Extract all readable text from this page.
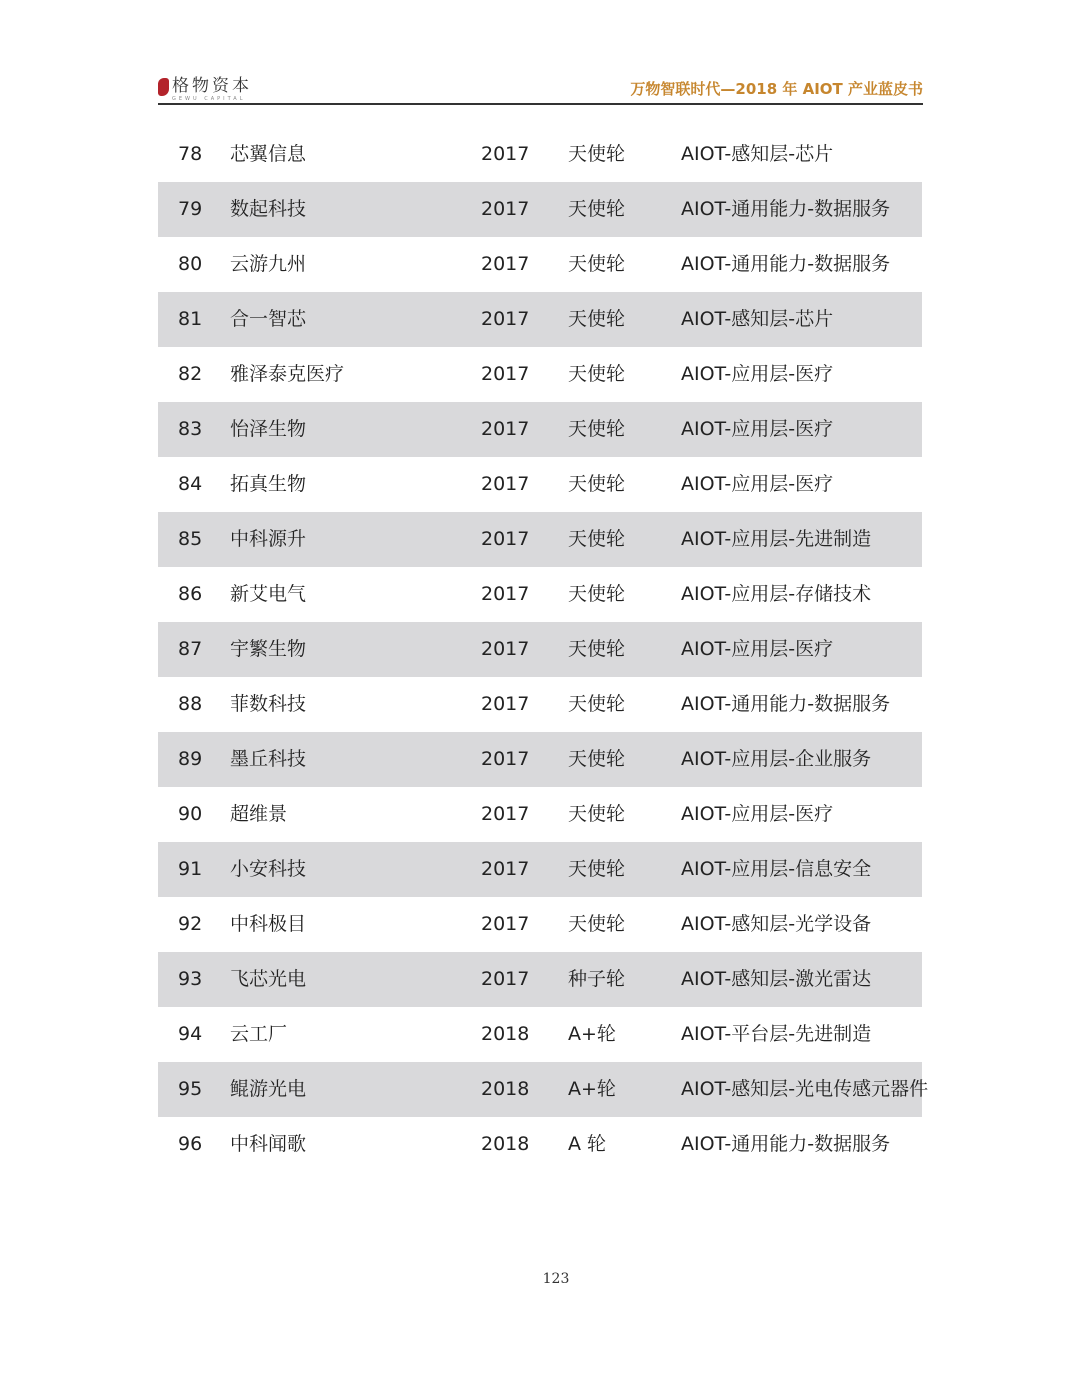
格物资本
GEWU CAPITAL
万物智联时代—2018 年 AIOT 产业蓝皮书
78 芯翼信息	2017 天使轮	AIOT-感知层-芯片
79 数起科技	2017 天使轮	AIOT-通用能力-数据服务
80 云游九州	2017 天使轮	AIOT-通用能力-数据服务
81 合一智芯	2017 天使轮	AIOT-感知层-芯片
82 雅泽泰克医疗	2017 天使轮	AIOT-应用层-医疗
83 怡泽生物	2017 天使轮	AIOT-应用层-医疗
84 拓真生物	2017 天使轮	AIOT-应用层-医疗
85 中科源升	2017 天使轮	AIOT-应用层-先进制造
86 新艾电气	2017 天使轮	AIOT-应用层-存储技术
87 宇繁生物	2017 天使轮	AIOT-应用层-医疗
88 菲数科技	2017 天使轮	AIOT-通用能力-数据服务
89 墨丘科技	2017 天使轮	AIOT-应用层-企业服务
90 超维景	2017 天使轮	AIOT-应用层-医疗
91 小安科技	2017 天使轮	AIOT-应用层-信息安全
92 中科极目	2017 天使轮	AIOT-感知层-光学设备
93 飞芯光电	2017 种子轮	AIOT-感知层-激光雷达
94 云工厂	2018 A+轮	AIOT-平台层-先进制造
95 鲲游光电	2018 A+轮	AIOT-感知层-光电传感元器件
96 中科闻歌	2018 A 轮	AIOT-通用能力-数据服务
123
